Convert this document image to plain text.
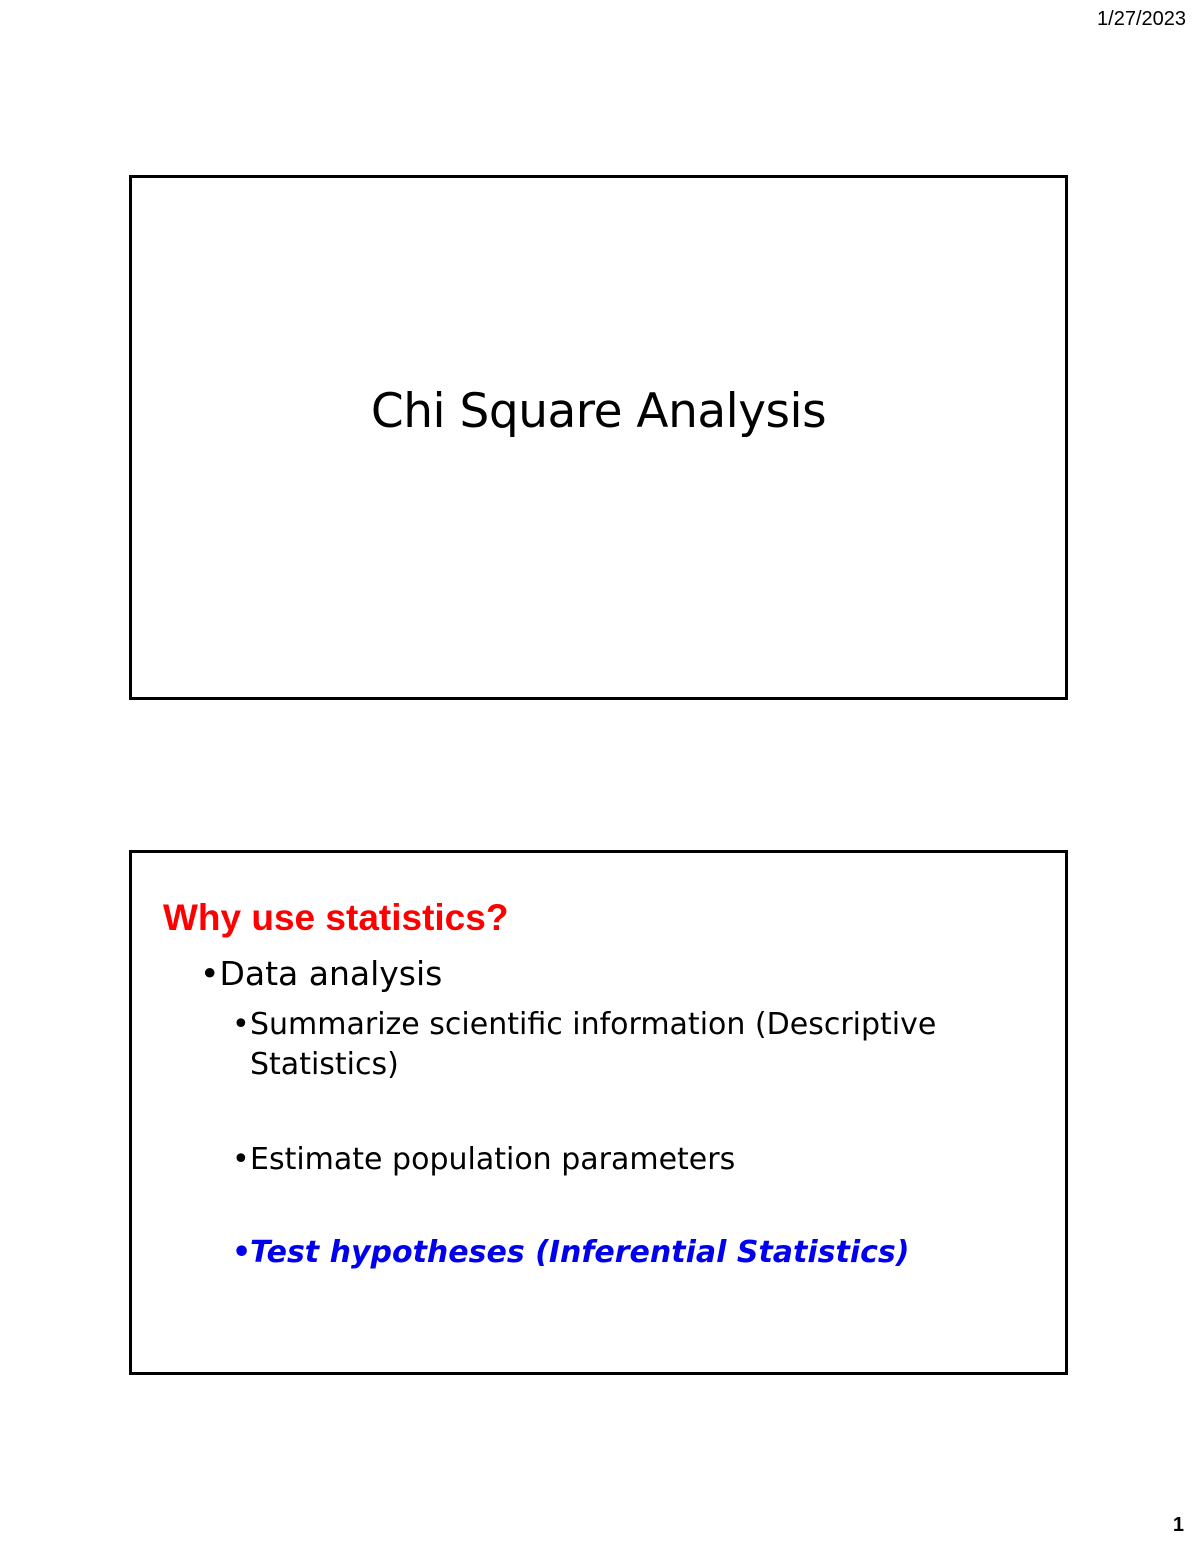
1/27/2023
Chi Square Analysis
Why use statistics?
•Data analysis
•Summarize scientific information (Descriptive Statistics)
•Estimate population parameters
•Test hypotheses (Inferential Statistics)
1
